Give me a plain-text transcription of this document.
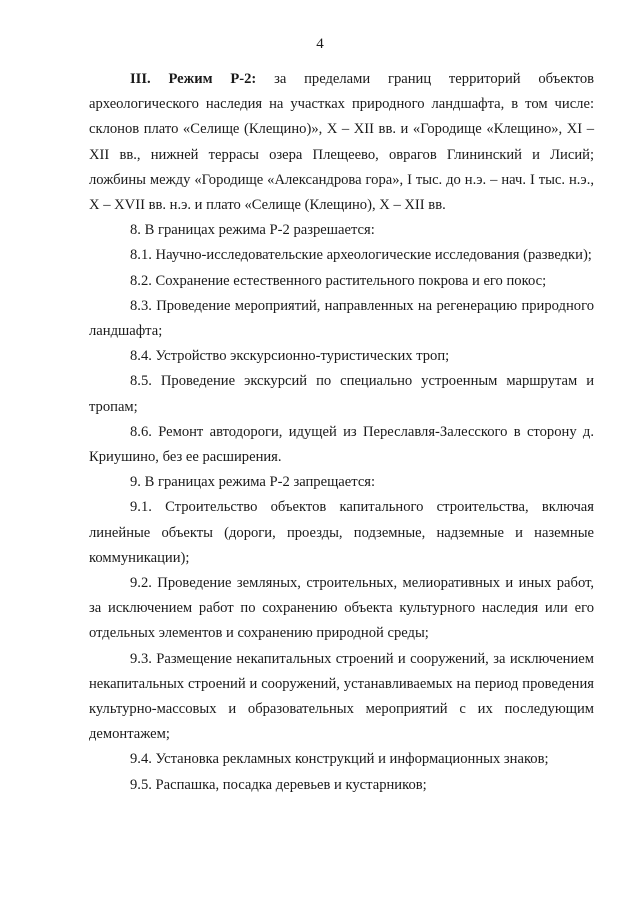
4

III. Режим Р-2: за пределами границ территорий объектов археологического наследия на участках природного ландшафта, в том числе: склонов плато «Селище (Клещино)», X – XII вв. и «Городище «Клещино», XI – XII вв., нижней террасы озера Плещеево, оврагов Глининский и Лисий; ложбины между «Городище «Александрова гора», I тыс. до н.э. – нач. I тыс. н.э., X – XVII вв. н.э. и плато «Селище (Клещино), X – XII вв.

8. В границах режима Р-2 разрешается:

8.1. Научно-исследовательские археологические исследования (разведки);

8.2. Сохранение естественного растительного покрова и его покос;

8.3. Проведение мероприятий, направленных на регенерацию природного ландшафта;

8.4. Устройство экскурсионно-туристических троп;

8.5. Проведение экскурсий по специально устроенным маршрутам и тропам;

8.6. Ремонт автодороги, идущей из Переславля-Залесского в сторону д. Криушино, без ее расширения.

9. В границах режима Р-2 запрещается:

9.1. Строительство объектов капитального строительства, включая линейные объекты (дороги, проезды, подземные, надземные и наземные коммуникации);

9.2. Проведение земляных, строительных, мелиоративных и иных работ, за исключением работ по сохранению объекта культурного наследия или его отдельных элементов и сохранению природной среды;

9.3. Размещение некапитальных строений и сооружений, за исключением некапитальных строений и сооружений, устанавливаемых на период проведения культурно-массовых и образовательных мероприятий с их последующим демонтажем;

9.4. Установка рекламных конструкций и информационных знаков;

9.5. Распашка, посадка деревьев и кустарников;
